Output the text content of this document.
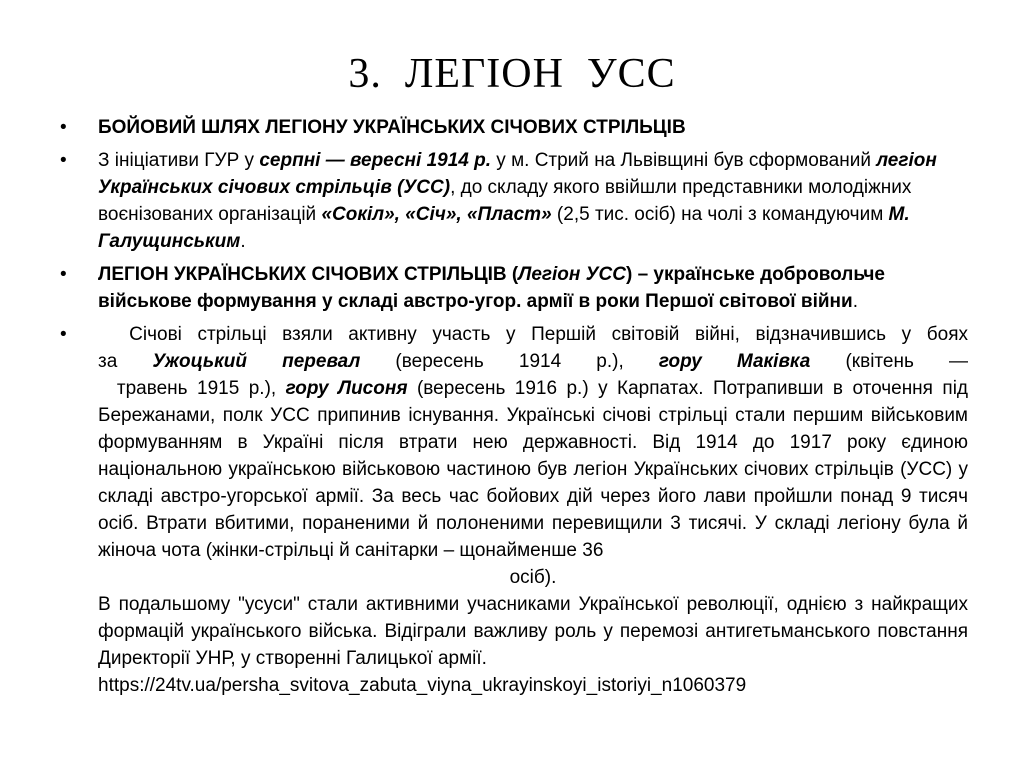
3.  ЛЕГІОН  УСС
•	БОЙОВИЙ ШЛЯХ ЛЕГІОНУ УКРАЇНСЬКИХ СІЧОВИХ СТРІЛЬЦІВ
•	З ініціативи ГУР у серпні — вересні 1914 р. у м. Стрий на Львівщині був сформований легіон Українських січових стрільців (УСС), до складу якого ввійшли представники молодіжних воєнізованих організацій «Сокіл», «Січ», «Пласт» (2,5 тис. осіб) на чолі з командуючим М. Галущинським.
•	ЛЕГІОН УКРАЇНСЬКИХ СІЧОВИХ СТРІЛЬЦІВ (Легіон УСС) – українське добровольче військове формування у складі австро-угор. армії в роки Першої світової війни.
•	Січові стрільці взяли активну участь у Першій світовій війні, відзначившись у боях
за Ужоцький перевал (вересень 1914 р.), гору Маківка (квітень —
травень 1915 р.), гору Лисоня (вересень 1916 р.) у Карпатах. Потрапивши в оточення під Бережанами, полк УСС припинив існування. Українські січові стрільці стали першим військовим формуванням в Україні після втрати нею державності. Від 1914 до 1917 року єдиною національною українською військовою частиною був легіон Українських січових стрільців (УСС) у складі австро-угорської армії. За весь час бойових дій через його лави пройшли понад 9 тисяч осіб. Втрати вбитими, пораненими й полоненими перевищили 3 тисячі. У складі легіону була й жіноча чота (жінки-стрільці й санітарки – щонайменше 36
осіб).
В подальшому "усуси" стали активними учасниками Української революції, однією з найкращих формацій українського війська. Відіграли важливу роль у перемозі антигетьманського повстання Директорії УНР, у створенні Галицької армії.
https://24tv.ua/persha_svitova_zabuta_viyna_ukrayinskoyi_istoriyi_n1060379
